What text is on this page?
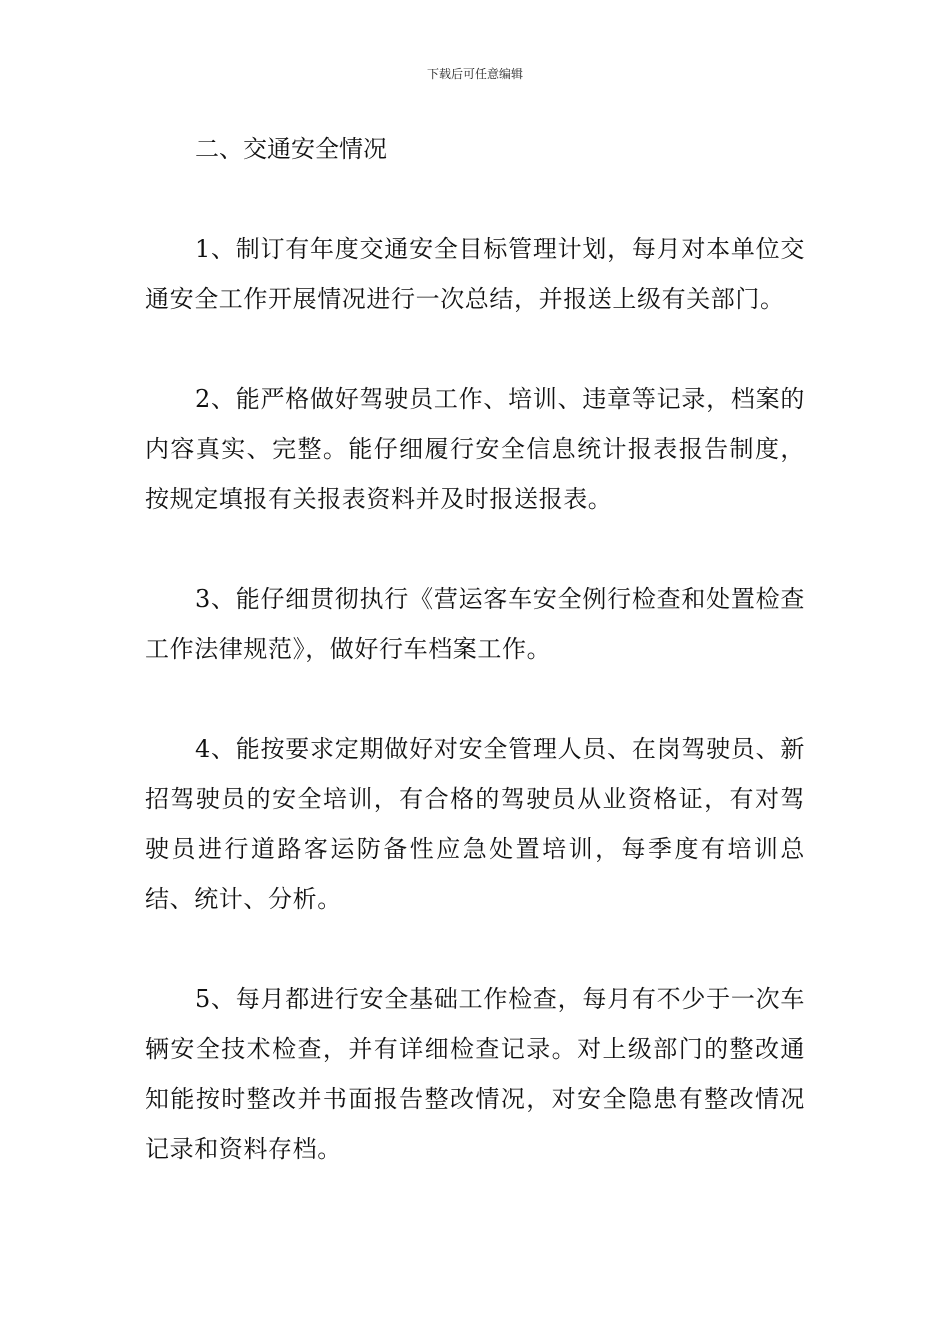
下载后可任意编辑
二、交通安全情况

1、制订有年度交通安全目标管理计划，每月对本单位交通安全工作开展情况进行一次总结，并报送上级有关部门。

2、能严格做好驾驶员工作、培训、违章等记录，档案的内容真实、完整。能仔细履行安全信息统计报表报告制度，按规定填报有关报表资料并及时报送报表。

3、能仔细贯彻执行《营运客车安全例行检查和处置检查工作法律规范》，做好行车档案工作。

4、能按要求定期做好对安全管理人员、在岗驾驶员、新招驾驶员的安全培训，有合格的驾驶员从业资格证，有对驾驶员进行道路客运防备性应急处置培训，每季度有培训总结、统计、分析。

5、每月都进行安全基础工作检查，每月有不少于一次车辆安全技术检查，并有详细检查记录。对上级部门的整改通知能按时整改并书面报告整改情况，对安全隐患有整改情况记录和资料存档。
